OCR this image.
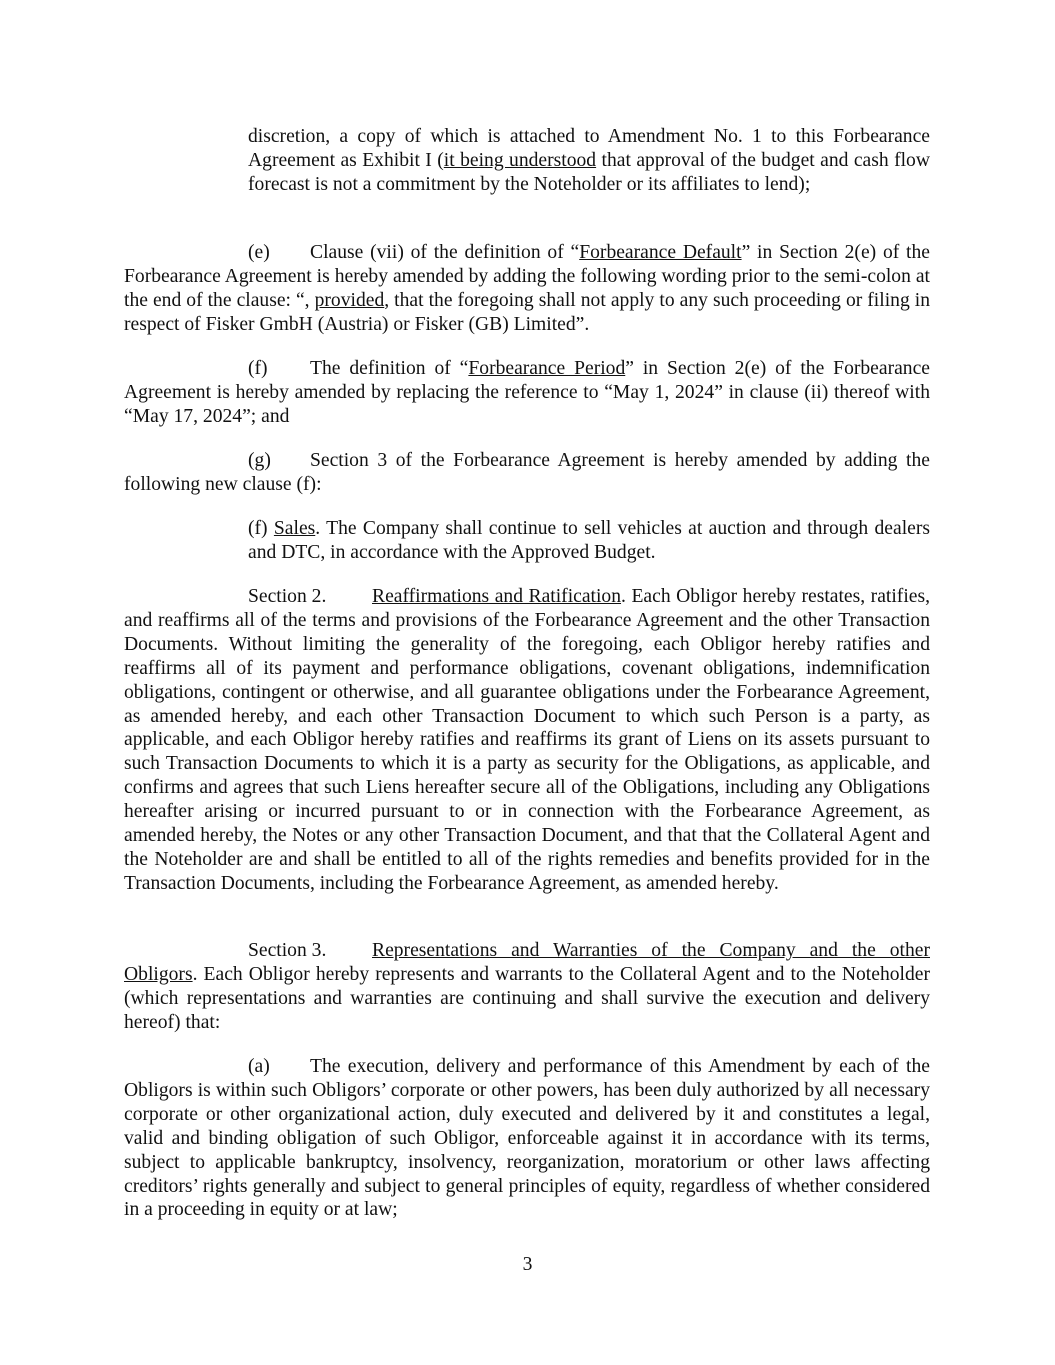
discretion, a copy of which is attached to Amendment No. 1 to this Forbearance Agreement as Exhibit I (it being understood that approval of the budget and cash flow forecast is not a commitment by the Noteholder or its affiliates to lend);

(e) Clause (vii) of the definition of “Forbearance Default” in Section 2(e) of the Forbearance Agreement is hereby amended by adding the following wording prior to the semi-colon at the end of the clause: “, provided, that the foregoing shall not apply to any such proceeding or filing in respect of Fisker GmbH (Austria) or Fisker (GB) Limited”.

(f) The definition of “Forbearance Period” in Section 2(e) of the Forbearance Agreement is hereby amended by replacing the reference to “May 1, 2024” in clause (ii) thereof with “May 17, 2024”; and

(g) Section 3 of the Forbearance Agreement is hereby amended by adding the following new clause (f):

(f) Sales. The Company shall continue to sell vehicles at auction and through dealers and DTC, in accordance with the Approved Budget.

Section 2. Reaffirmations and Ratification. Each Obligor hereby restates, ratifies, and reaffirms all of the terms and provisions of the Forbearance Agreement and the other Transaction Documents. Without limiting the generality of the foregoing, each Obligor hereby ratifies and reaffirms all of its payment and performance obligations, covenant obligations, indemnification obligations, contingent or otherwise, and all guarantee obligations under the Forbearance Agreement, as amended hereby, and each other Transaction Document to which such Person is a party, as applicable, and each Obligor hereby ratifies and reaffirms its grant of Liens on its assets pursuant to such Transaction Documents to which it is a party as security for the Obligations, as applicable, and confirms and agrees that such Liens hereafter secure all of the Obligations, including any Obligations hereafter arising or incurred pursuant to or in connection with the Forbearance Agreement, as amended hereby, the Notes or any other Transaction Document, and that that the Collateral Agent and the Noteholder are and shall be entitled to all of the rights remedies and benefits provided for in the Transaction Documents, including the Forbearance Agreement, as amended hereby.

Section 3. Representations and Warranties of the Company and the other Obligors. Each Obligor hereby represents and warrants to the Collateral Agent and to the Noteholder (which representations and warranties are continuing and shall survive the execution and delivery hereof) that:

(a) The execution, delivery and performance of this Amendment by each of the Obligors is within such Obligors’ corporate or other powers, has been duly authorized by all necessary corporate or other organizational action, duly executed and delivered by it and constitutes a legal, valid and binding obligation of such Obligor, enforceable against it in accordance with its terms, subject to applicable bankruptcy, insolvency, reorganization, moratorium or other laws affecting creditors’ rights generally and subject to general principles of equity, regardless of whether considered in a proceeding in equity or at law;

3
